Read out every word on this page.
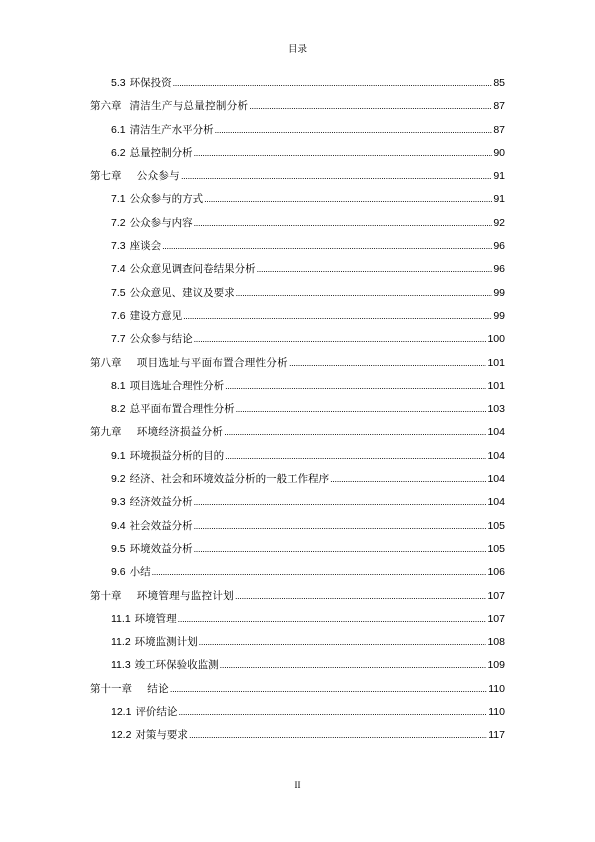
目录
5.3 环保投资 .....	85
第六章 清洁生产与总量控制分析 .....	87
6.1 清洁生产水平分析 .....	87
6.2 总量控制分析 .....	90
第七章 公众参与 .....	91
7.1 公众参与的方式 .....	91
7.2 公众参与内容 .....	92
7.3 座谈会 .....	96
7.4 公众意见调查问卷结果分析 .....	96
7.5 公众意见、建议及要求 .....	99
7.6 建设方意见 .....	99
7.7 公众参与结论 .....	100
第八章 项目选址与平面布置合理性分析 .....	101
8.1 项目选址合理性分析 .....	101
8.2 总平面布置合理性分析 .....	103
第九章 环境经济损益分析 .....	104
9.1 环境损益分析的目的 .....	104
9.2 经济、社会和环境效益分析的一般工作程序 .....	104
9.3 经济效益分析 .....	104
9.4 社会效益分析 .....	105
9.5 环境效益分析 .....	105
9.6 小结 .....	106
第十章 环境管理与监控计划 .....	107
11.1 环境管理 .....	107
11.2 环境监测计划 .....	108
11.3 竣工环保验收监测 .....	109
第十一章 结论 .....	110
12.1 评价结论 .....	110
12.2 对策与要求 .....	117
II
